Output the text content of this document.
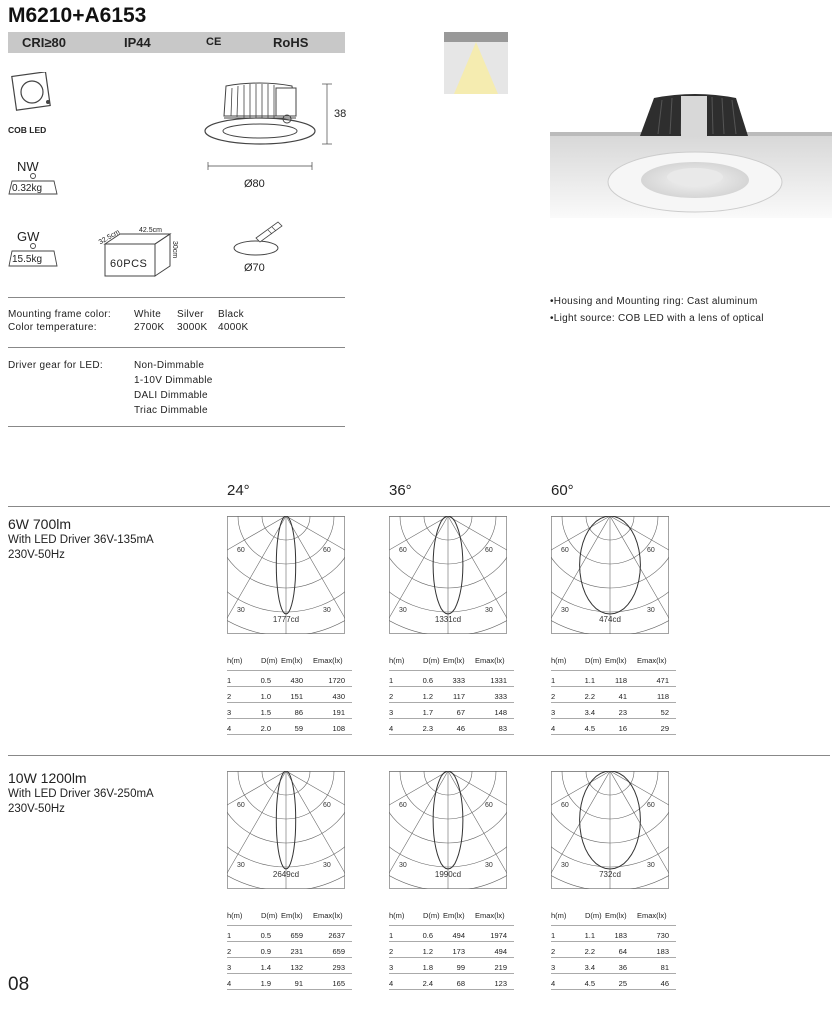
M6210+A6153
CRI≥80	IP44	CE	RoHS
COB LED
NW
0.32kg
GW
15.5kg	60PCS
42.5cm
32.5cm
30cm
38
Ø80
Ø70
Mounting frame color: White Silver Black
Color temperature:	2700K 3000K 4000K
Driver gear for LED:	Non-Dimmable
1-10V Dimmable
DALI Dimmable
Triac Dimmable
•Housing and Mounting ring: Cast aluminum
•Light source: COB LED with a lens of optical
24°	36°	60°
6W 700lm
With LED Driver 36V-135mA
230V-50Hz	60	60
30	30
1777cd
h(m) D(m) Em(lx) Emax(lx)
1	0.5	430	1720
2	1.0	151	430
3	1.5	86	191
4	2.0	59	108
60	60
30	30
1331cd
h(m) D(m) Em(lx) Emax(lx)
1	0.6	333	1331
2	1.2	117	333
3	1.7	67	148
4	2.3	46	83
60	60
30	30
474cd
h(m) D(m) Em(lx) Emax(lx)
1	1.1	118	471
2	2.2	41	118
3	3.4	23	52
4	4.5	16	29
10W 1200lm
With LED Driver 36V-250mA
230V-50Hz	60	60
30	30
2649cd
h(m) D(m) Em(lx) Emax(lx)
1	0.5	659	2637
2	0.9	231	659
3	1.4	132	293
4	1.9	91	165
60	60
30	30
1990cd
h(m) D(m) Em(lx) Emax(lx)
1	0.6	494	1974
2	1.2	173	494
3	1.8	99	219
4	2.4	68	123
60	60
30	30
732cd
h(m) D(m) Em(lx) Emax(lx)
1	1.1	183	730
2	2.2	64	183
3	3.4	36	81
4	4.5	25	46
08
